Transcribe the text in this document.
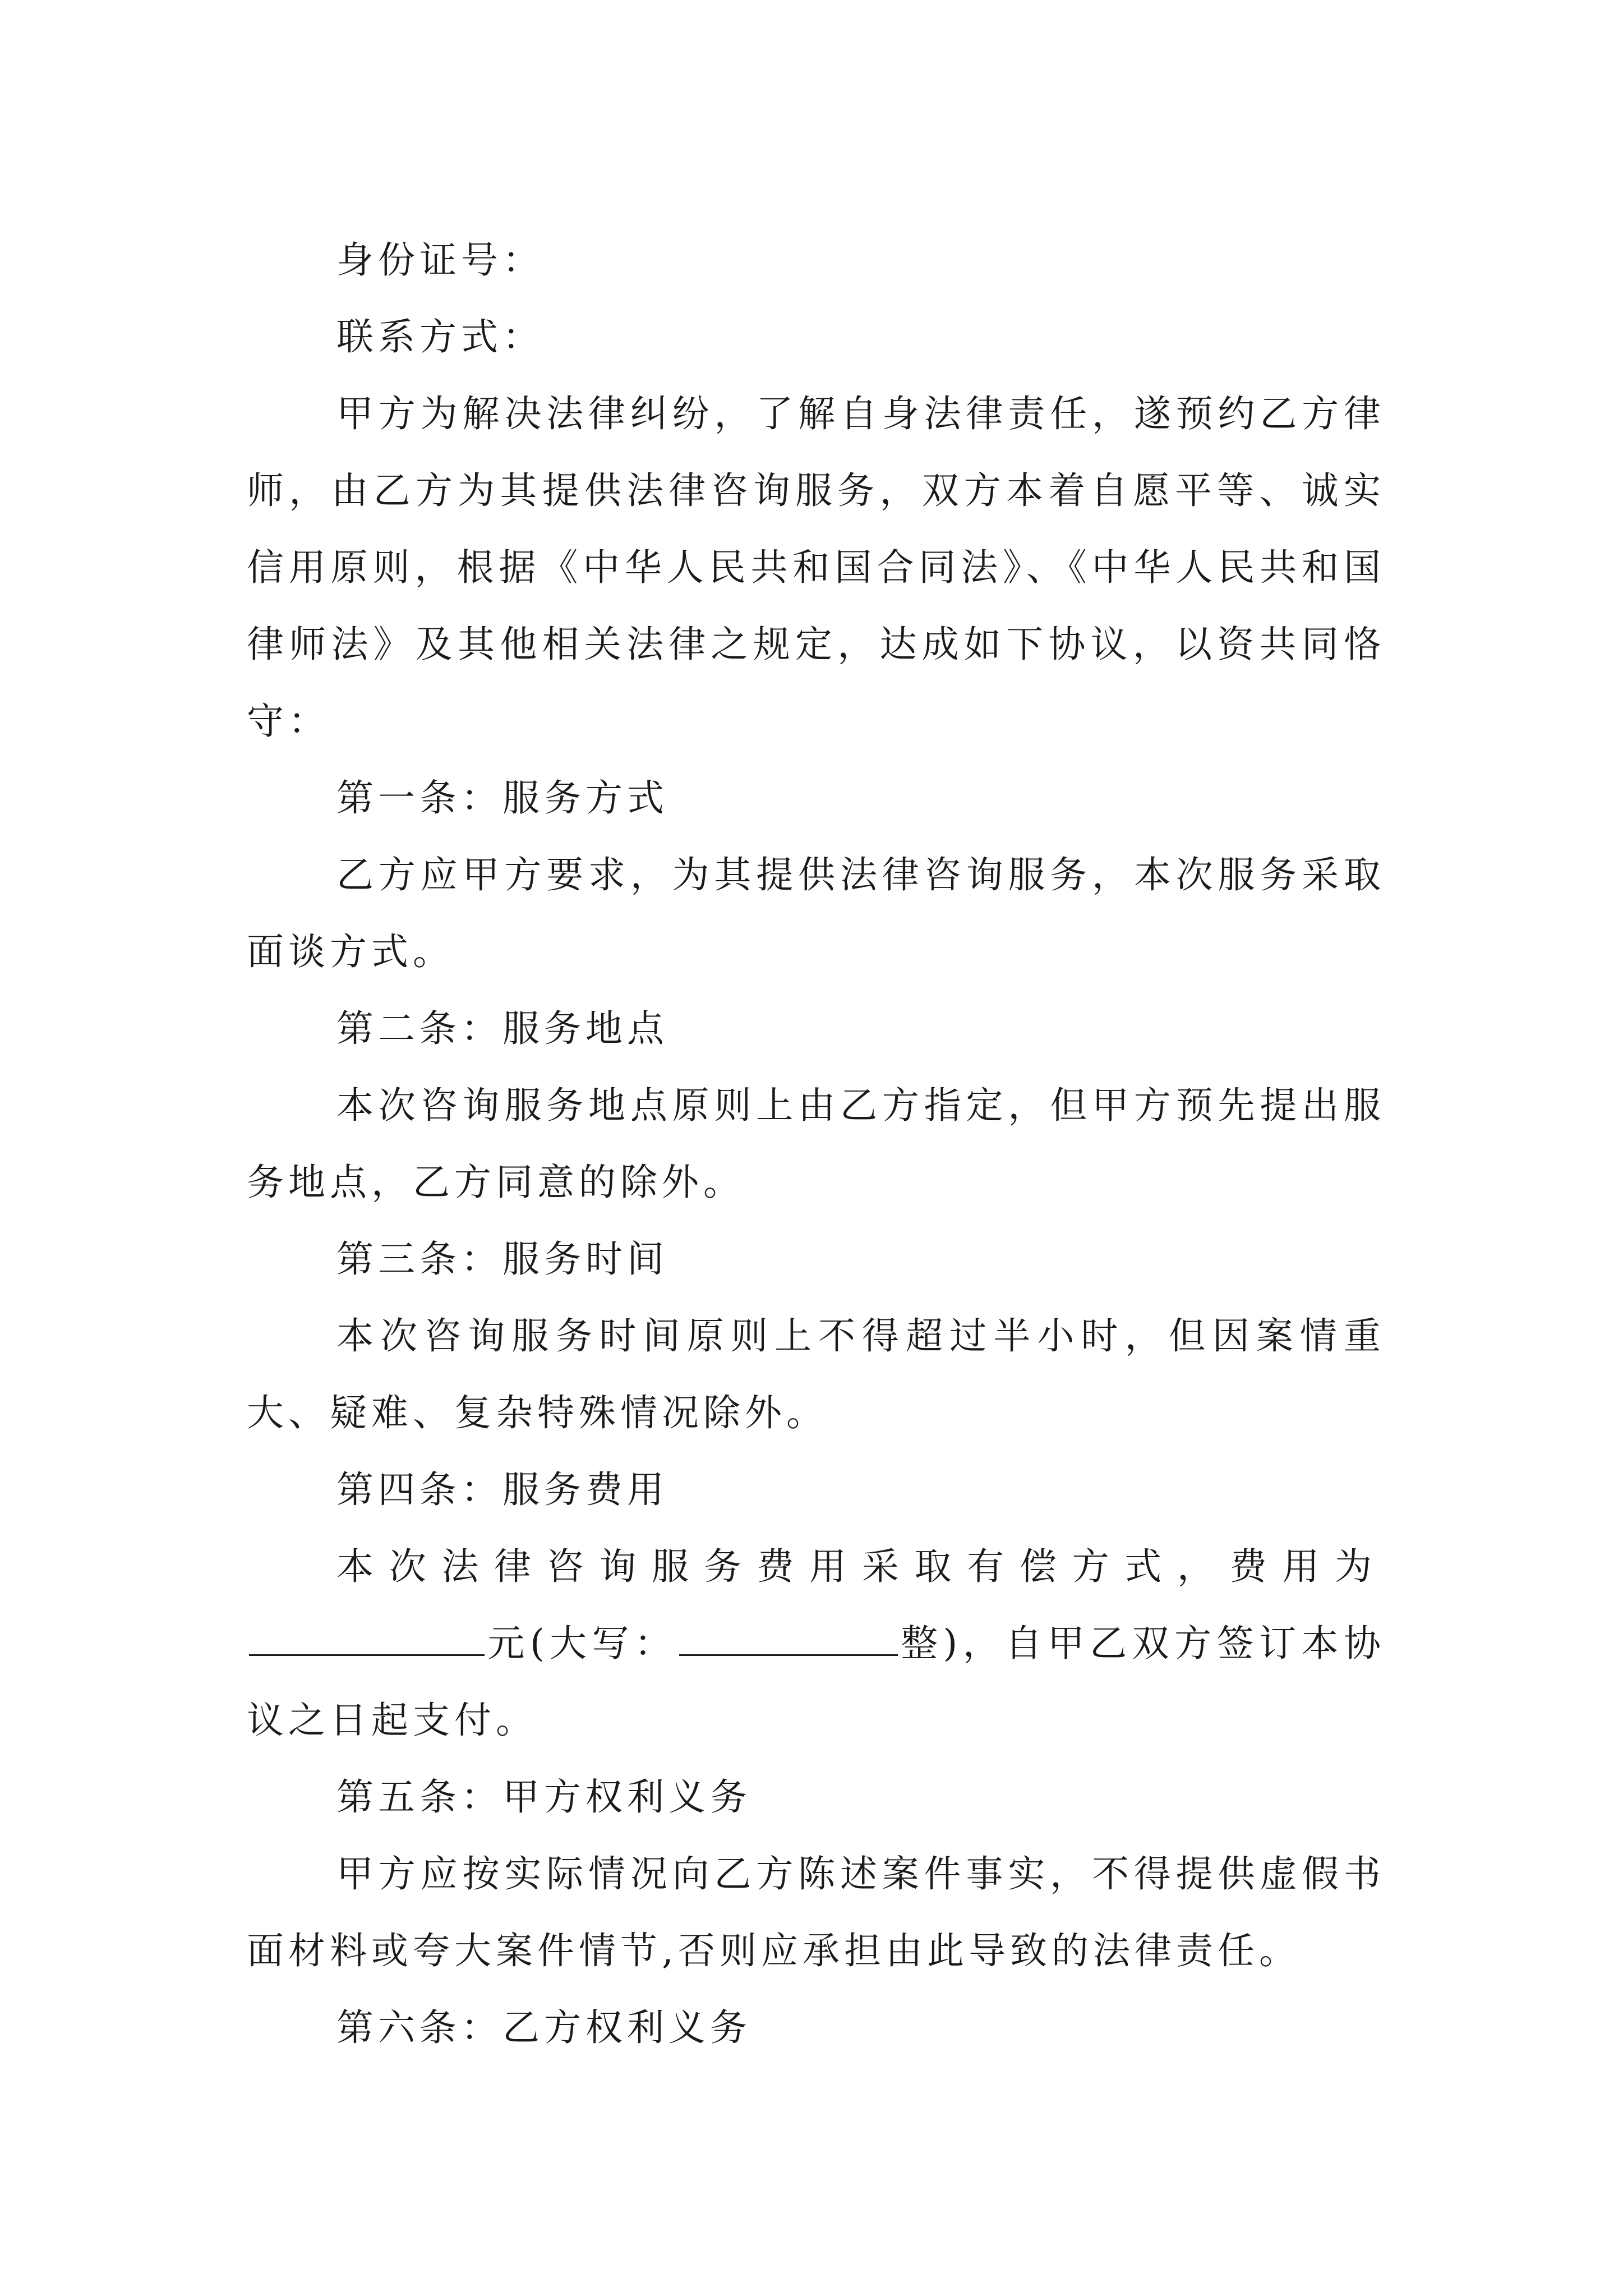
身份证号：

联系方式：

甲方为解决法律纠纷，了解自身法律责任，遂预约乙方律师，由乙方为其提供法律咨询服务，双方本着自愿平等、诚实信用原则，根据《中华人民共和国合同法》、《中华人民共和国律师法》及其他相关法律之规定，达成如下协议，以资共同恪守：

第一条：服务方式

乙方应甲方要求，为其提供法律咨询服务，本次服务采取面谈方式。

第二条：服务地点

本次咨询服务地点原则上由乙方指定，但甲方预先提出服务地点，乙方同意的除外。

第三条：服务时间

本次咨询服务时间原则上不得超过半小时，但因案情重大、疑难、复杂特殊情况除外。

第四条：服务费用

本次法律咨询服务费用采取有偿方式，费用为元(大写：	整)，自甲乙双方签订本协议之日起支付。

第五条：甲方权利义务

甲方应按实际情况向乙方陈述案件事实，不得提供虚假书面材料或夸大案件情节,否则应承担由此导致的法律责任。

第六条：乙方权利义务
